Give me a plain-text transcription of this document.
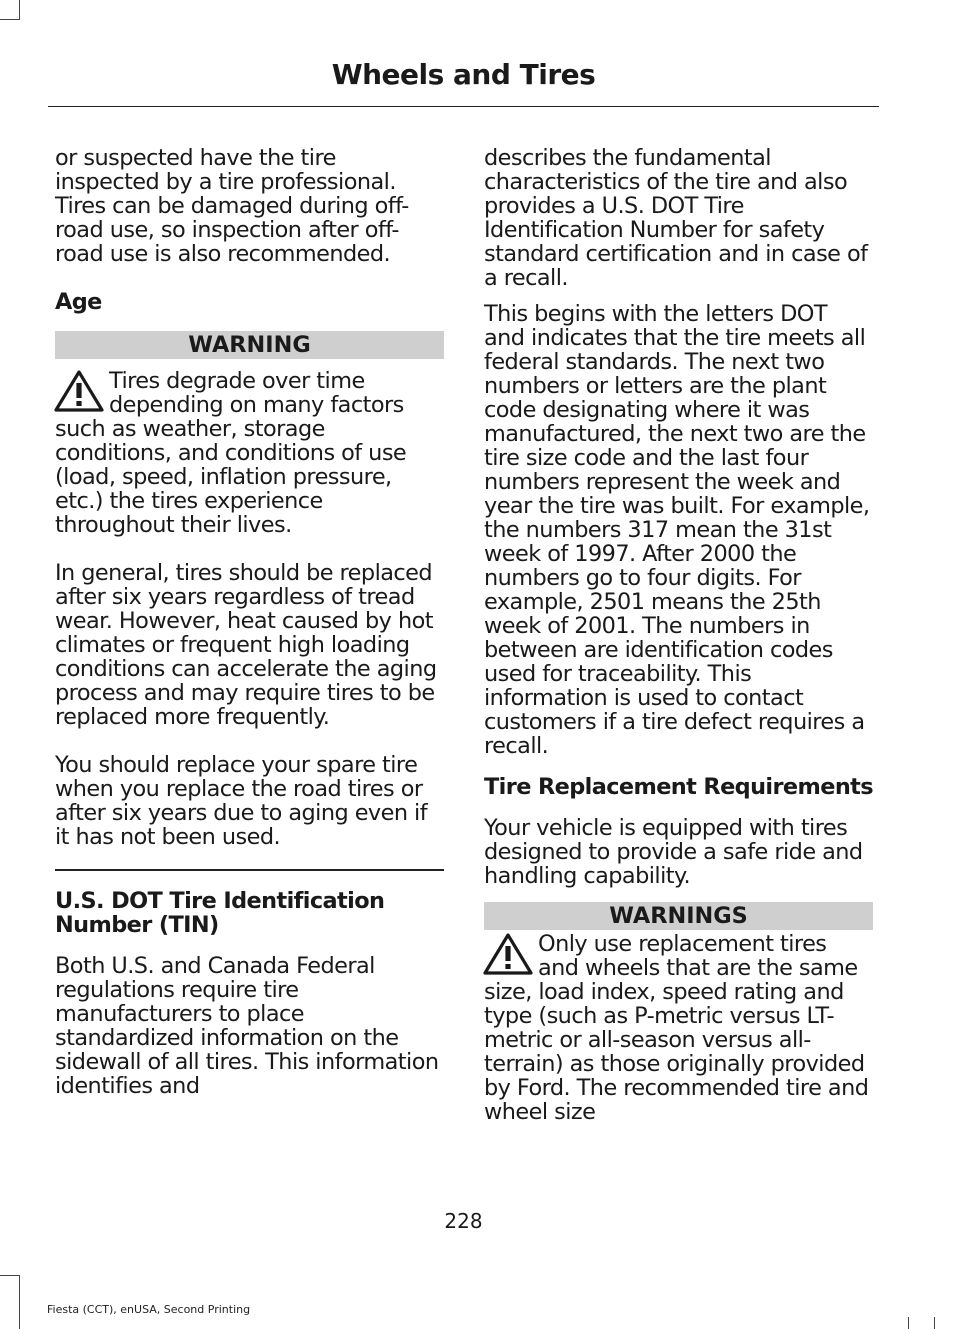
Wheels and Tires

or suspected have the tire inspected by a tire professional. Tires can be damaged during off-road use, so inspection after off-road use is also recommended.

Age
WARNING
Tires degrade over time depending on many factors such as weather, storage conditions, and conditions of use (load, speed, inflation pressure, etc.) the tires experience throughout their lives.

In general, tires should be replaced after six years regardless of tread wear. However, heat caused by hot climates or frequent high loading conditions can accelerate the aging process and may require tires to be replaced more frequently.

You should replace your spare tire when you replace the road tires or after six years due to aging even if it has not been used.

U.S. DOT Tire Identification Number (TIN)

Both U.S. and Canada Federal regulations require tire manufacturers to place standardized information on the sidewall of all tires. This information identifies and

describes the fundamental characteristics of the tire and also provides a U.S. DOT Tire Identification Number for safety standard certification and in case of a recall.

This begins with the letters DOT and indicates that the tire meets all federal standards. The next two numbers or letters are the plant code designating where it was manufactured, the next two are the tire size code and the last four numbers represent the week and year the tire was built. For example, the numbers 317 mean the 31st week of 1997. After 2000 the numbers go to four digits. For example, 2501 means the 25th week of 2001. The numbers in between are identification codes used for traceability. This information is used to contact customers if a tire defect requires a recall.

Tire Replacement Requirements

Your vehicle is equipped with tires designed to provide a safe ride and handling capability.

WARNINGS
Only use replacement tires and wheels that are the same size, load index, speed rating and type (such as P-metric versus LT-metric or all-season versus all-terrain) as those originally provided by Ford. The recommended tire and wheel size
228
Fiesta (CCT), enUSA, Second Printing
